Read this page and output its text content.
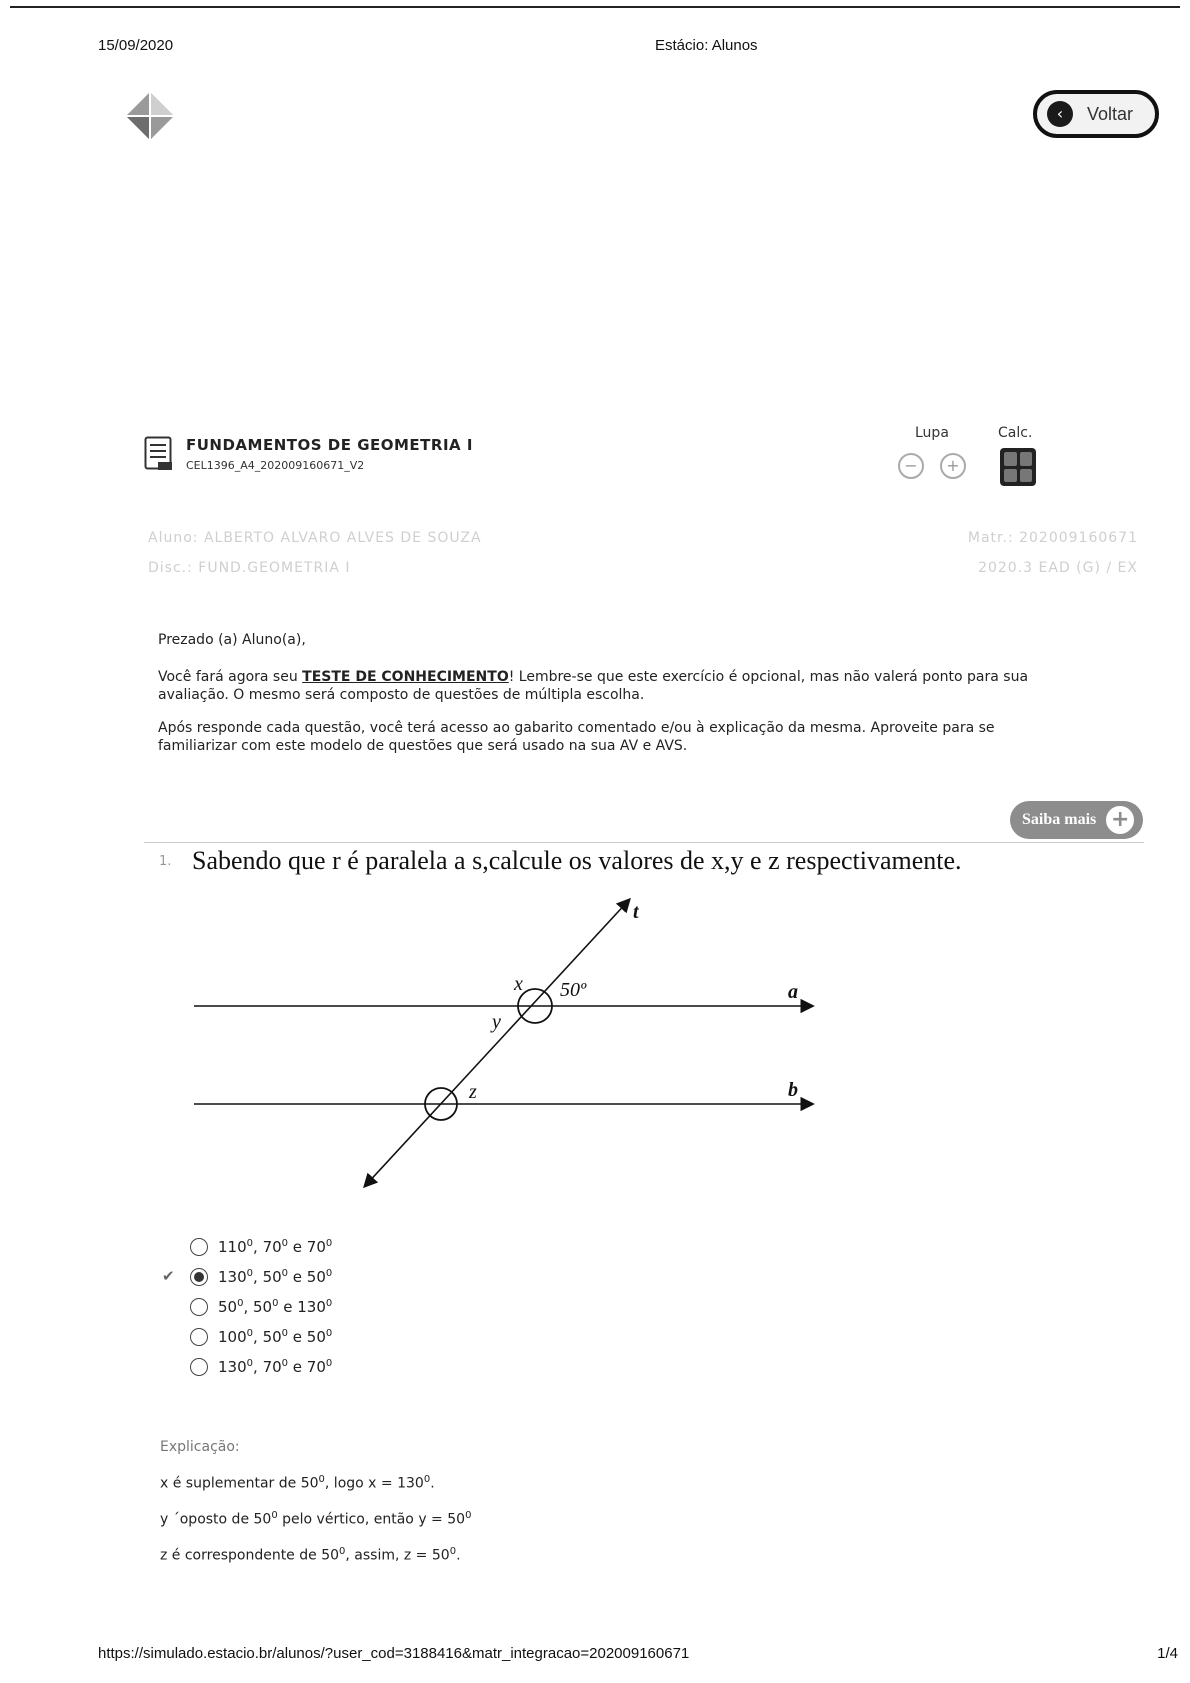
15/09/2020	Estácio: Alunos
‹	Voltar
FUNDAMENTOS DE GEOMETRIA I
CEL1396_A4_202009160671_V2
Lupa	Calc.
−	+
Aluno: ALBERTO ALVARO ALVES DE SOUZA
Disc.: FUND.GEOMETRIA I
Matr.: 202009160671
2020.3 EAD (G) / EX
Prezado (a) Aluno(a),
Você fará agora seu TESTE DE CONHECIMENTO! Lembre-se que este exercício é opcional, mas não valerá ponto para sua
avaliação. O mesmo será composto de questões de múltipla escolha.
Após responde cada questão, você terá acesso ao gabarito comentado e/ou à explicação da mesma. Aproveite para se
familiarizar com este modelo de questões que será usado na sua AV e AVS.
Saiba mais +
1. Sabendo que r é paralela a s,calcule os valores de x,y e z respectivamente.
t
x 50º	a
y
z	b
✔
$110^0$, $70^0$ e $70^0$
$130^0$, $50^0$ e $50^0$
$50^0$, $50^0$ e $130^0$
$100^0$, $50^0$ e $50^0$
$130^0$, $70^0$ e $70^0$
Explicação:
x é suplementar de $50^0$, logo $x = 130^0$.
y ´oposto de $50^0$ pelo vértico, então $y = 50^0$
z é correspondente de $50^0$, assim, $z = 50^0$.
https://simulado.estacio.br/alunos/?user_cod=3188416&matr_integracao=202009160671	1/4
